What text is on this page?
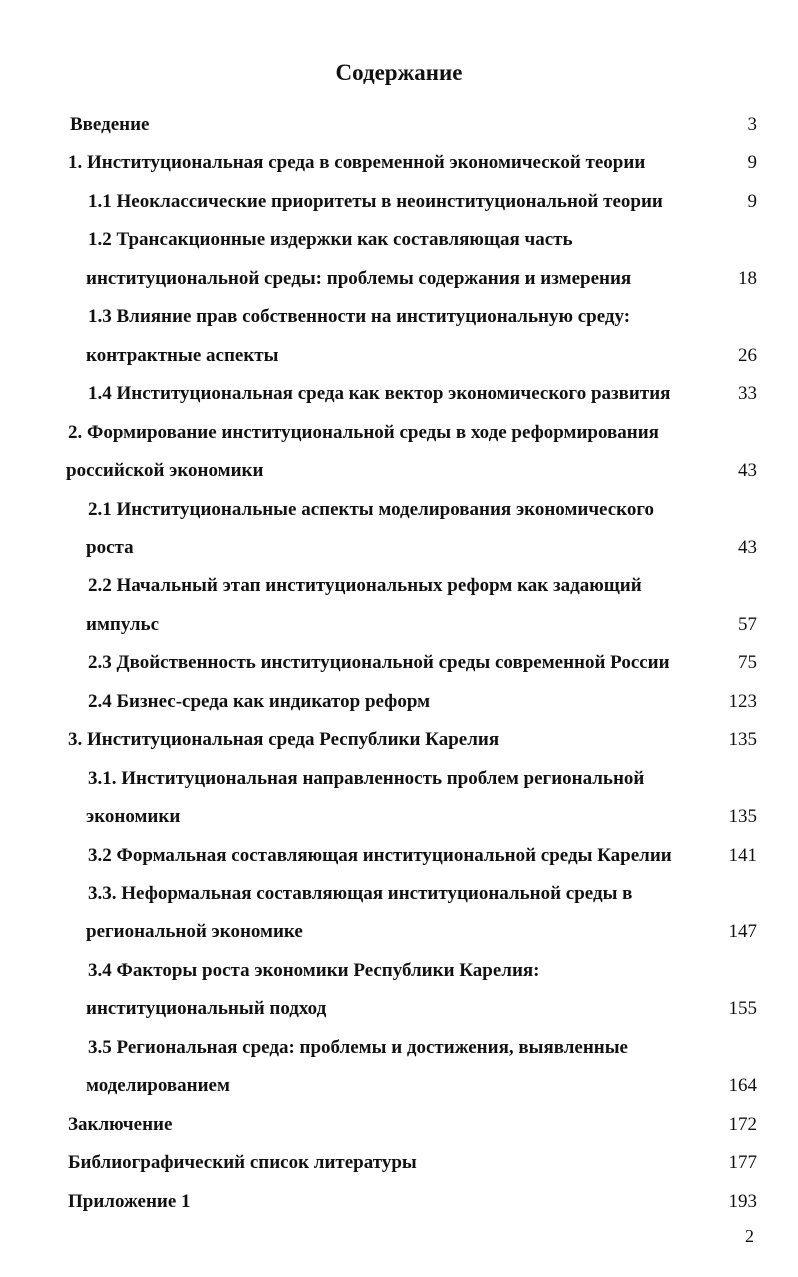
Содержание
Введение	3
1. Институциональная среда в современной экономической теории	9
1.1 Неоклассические приоритеты в неоинституциональной теории	9
1.2 Трансакционные издержки как составляющая часть
институциональной среды: проблемы содержания и измерения	18
1.3 Влияние прав собственности на институциональную среду:
контрактные аспекты	26
1.4 Институциональная среда как вектор экономического развития	33
2. Формирование институциональной среды в ходе реформирования
российской экономики	43
2.1 Институциональные аспекты моделирования экономического
роста	43
2.2 Начальный этап институциональных реформ как задающий
импульс	57
2.3 Двойственность институциональной среды современной России	75
2.4 Бизнес-среда как индикатор реформ	123
3. Институциональная среда Республики Карелия	135
3.1. Институциональная направленность проблем региональной
экономики	135
3.2 Формальная составляющая институциональной среды Карелии	141
3.3. Неформальная составляющая институциональной среды в
региональной экономике	147
3.4 Факторы роста экономики Республики Карелия:
институциональный подход	155
3.5 Региональная среда: проблемы и достижения, выявленные
моделированием	164
Заключение	172
Библиографический список литературы	177
Приложение 1	193
2
